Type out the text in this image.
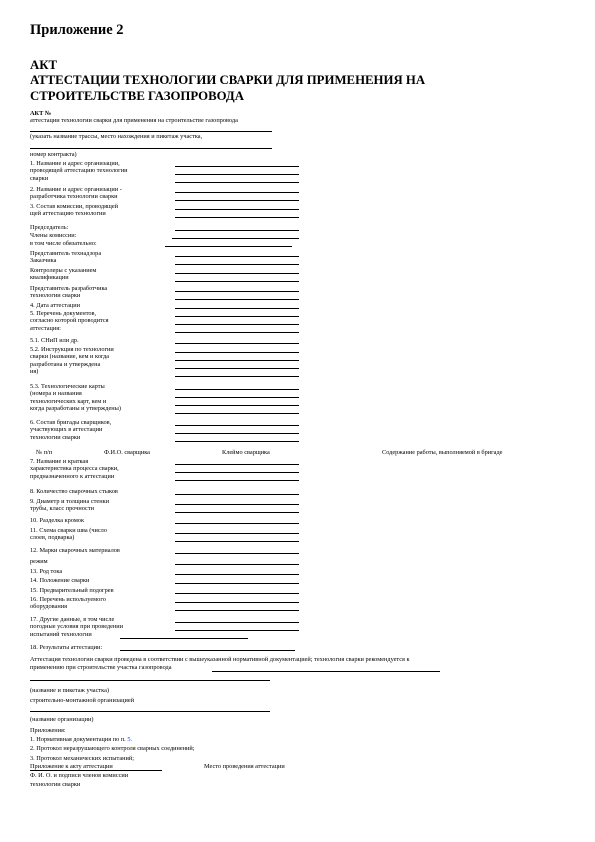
Приложение 2
АКТ
АТТЕСТАЦИИ ТЕХНОЛОГИИ СВАРКИ ДЛЯ ПРИМЕНЕНИЯ НА
СТРОИТЕЛЬСТВЕ ГАЗОПРОВОДА
АКТ №
аттестации технологии сварки для применения на строительстве газопровода
(указать название трассы, место нахождения и пикетаж участка,
номер контракта)
1. Название и адрес организации,
проводящей аттестацию технологии
сварки
2. Название и адрес организации -
разработчика технологии сварки
3. Состав комиссии, проводящей
щей аттестацию технологии
Председатель:
Члены комиссии:
в том числе обязательно:
Представитель технадзора
Заказчика
Контролеры с указанием
квалификации
Представитель разработчика
технологии сварки
4. Дата аттестации
5. Перечень документов,
согласно которой проводится
аттестация:
5.1. СНиП или др.
5.2. Инструкция по технологии
сварки (название, кем и когда
разработана и утверждена
ия)
5.3. Технологические карты
(номера и названия
технологических карт, кем и
когда разработаны и утверждены)
6. Состав бригады сварщиков,
участвующих в аттестации
технологии сварки
№ п/п	Ф.И.О. сварщика	Клеймо сварщика	Содержание работы, выполняемой в бригаде
7. Название и краткая
характеристика процесса сварки,
предназначенного к аттестации
8. Количество сварочных стыков
9. Диаметр и толщина стенки
трубы, класс прочности
10. Разделка кромок
11. Схема сварки шва (число
слоев, подварка)
12. Марки сварочных материалов
режим
13. Род тока
14. Положение сварки
15. Предварительный подогрев
16. Перечень используемого
оборудования
17. Другие данные, в том числе
погодные условия при проведении
испытаний технологии
18. Результаты аттестации:
Аттестация технологии сварки проведена в соответствии с вышеуказанной нормативной документацией; технология сварки рекомендуется к
применению при строительстве участка газопровода
(название и пикетаж участка)
строительно-монтажной организацией
(название организации)
Приложения:
1. Нормативная документация по п. 5.
2. Протокол неразрушающего контроля сварных соединений;
3. Протокол механических испытаний;
Приложение к акту аттестации	Место проведения аттестации
Ф. И. О. и подписи членов комиссии
технологии сварки
